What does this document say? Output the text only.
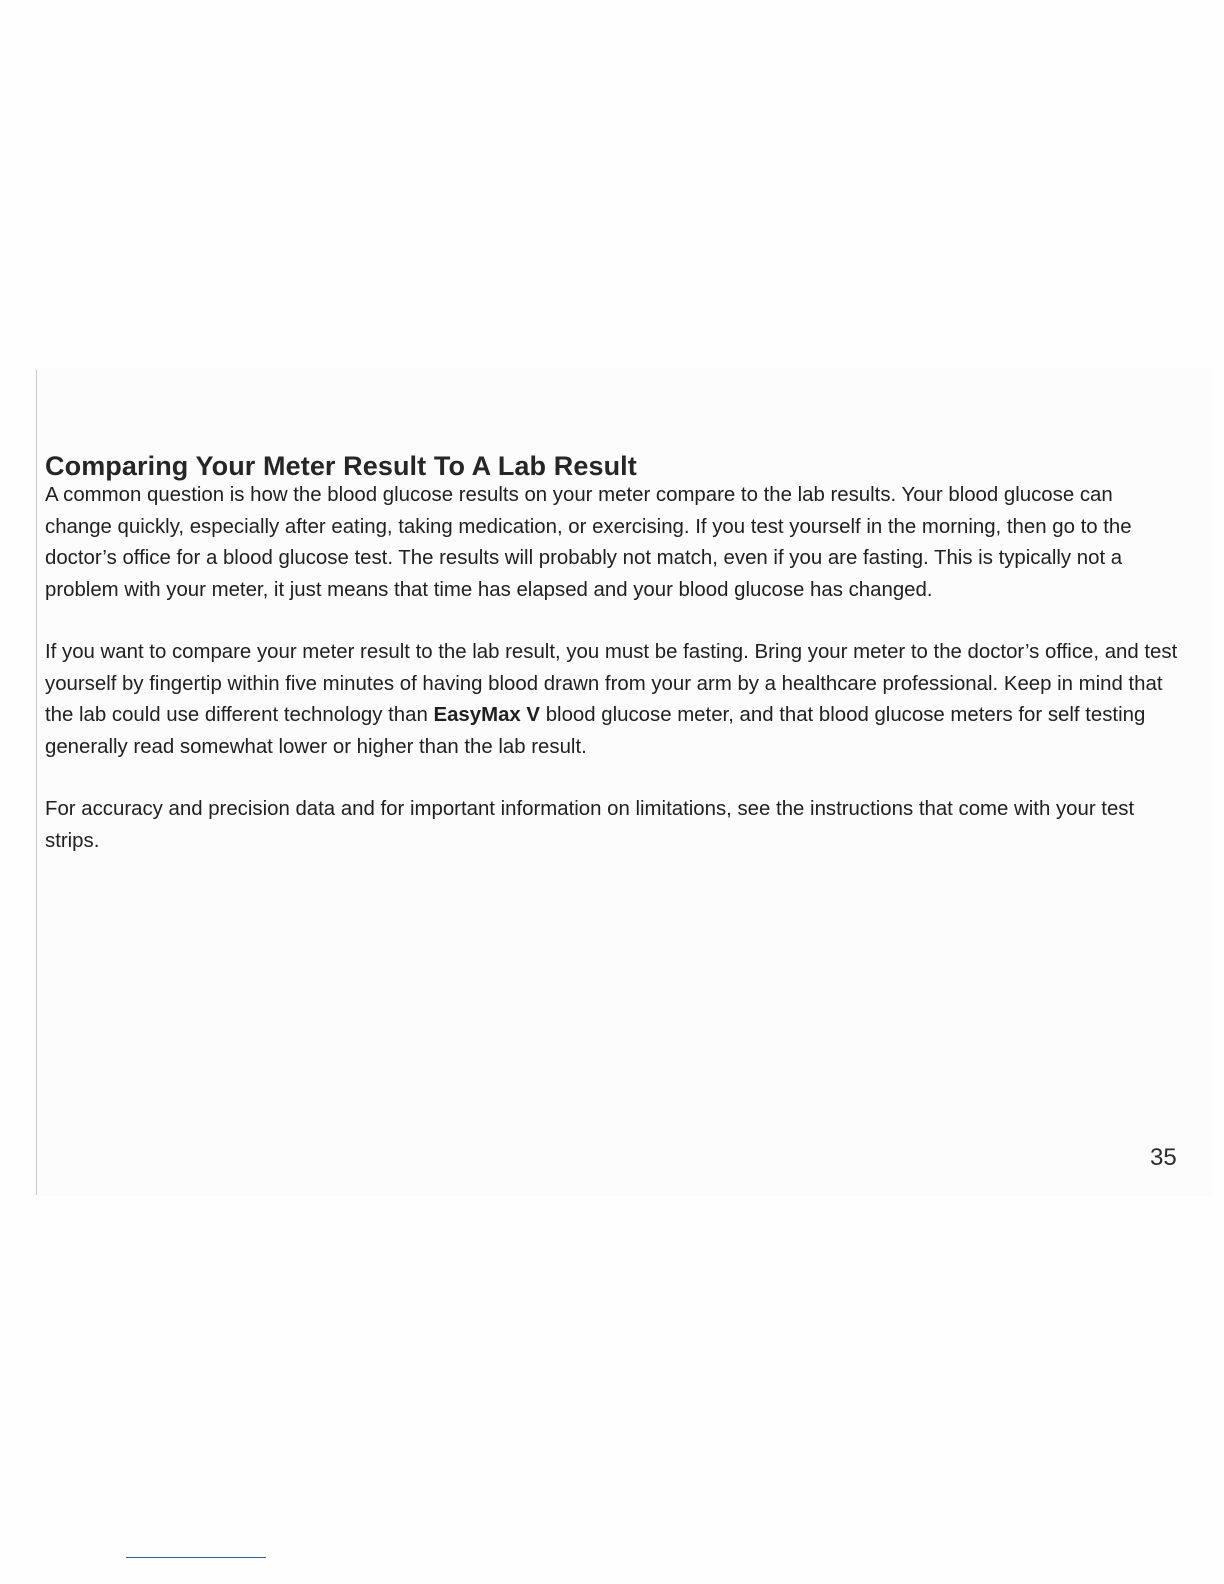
Comparing Your Meter Result To A Lab Result

A common question is how the blood glucose results on your meter compare to the lab results. Your blood glucose can change quickly, especially after eating, taking medication, or exercising. If you test yourself in the morning, then go to the doctor’s office for a blood glucose test. The results will probably not match, even if you are fasting. This is typically not a problem with your meter, it just means that time has elapsed and your blood glucose has changed.

If you want to compare your meter result to the lab result, you must be fasting. Bring your meter to the doctor’s office, and test yourself by fingertip within five minutes of having blood drawn from your arm by a healthcare professional. Keep in mind that the lab could use different technology than EasyMax V blood glucose meter, and that blood glucose meters for self testing generally read somewhat lower or higher than the lab result.

For accuracy and precision data and for important information on limitations, see the instructions that come with your test strips.

35
